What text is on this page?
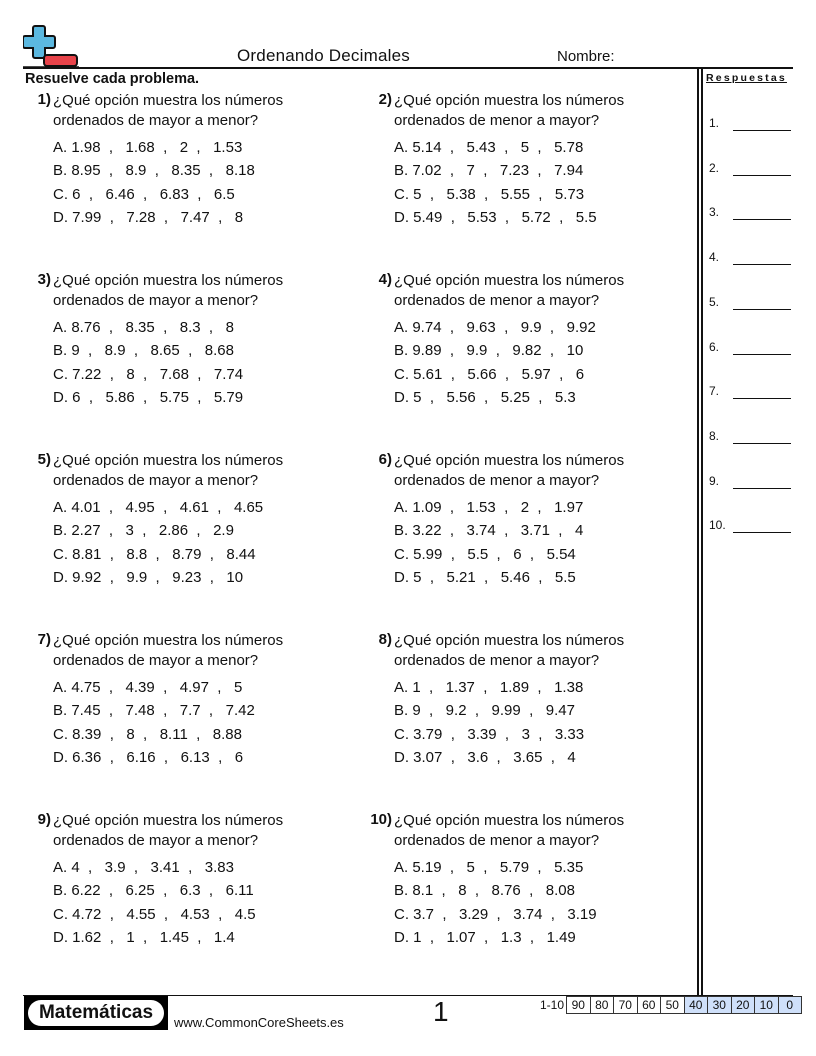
Ordenando Decimales	Nombre:
Resuelve cada problema.	Respuestas
1.
2.
3.
4.
5.
6.
7.
8.
9.
10.
1) ¿Qué opción muestra los números ordenados de mayor a menor?
A. 1.98  ,   1.68  ,   2  ,   1.53
B. 8.95  ,   8.9  ,   8.35  ,   8.18
C. 6  ,   6.46  ,   6.83  ,   6.5
D. 7.99  ,   7.28  ,   7.47  ,   8
2) ¿Qué opción muestra los números ordenados de menor a mayor?
A. 5.14  ,   5.43  ,   5  ,   5.78
B. 7.02  ,   7  ,   7.23  ,   7.94
C. 5  ,   5.38  ,   5.55  ,   5.73
D. 5.49  ,   5.53  ,   5.72  ,   5.5
3) ¿Qué opción muestra los números ordenados de mayor a menor?
A. 8.76  ,   8.35  ,   8.3  ,   8
B. 9  ,   8.9  ,   8.65  ,   8.68
C. 7.22  ,   8  ,   7.68  ,   7.74
D. 6  ,   5.86  ,   5.75  ,   5.79
4) ¿Qué opción muestra los números ordenados de menor a mayor?
A. 9.74  ,   9.63  ,   9.9  ,   9.92
B. 9.89  ,   9.9  ,   9.82  ,   10
C. 5.61  ,   5.66  ,   5.97  ,   6
D. 5  ,   5.56  ,   5.25  ,   5.3
5) ¿Qué opción muestra los números ordenados de mayor a menor?
A. 4.01  ,   4.95  ,   4.61  ,   4.65
B. 2.27  ,   3  ,   2.86  ,   2.9
C. 8.81  ,   8.8  ,   8.79  ,   8.44
D. 9.92  ,   9.9  ,   9.23  ,   10
6) ¿Qué opción muestra los números ordenados de menor a mayor?
A. 1.09  ,   1.53  ,   2  ,   1.97
B. 3.22  ,   3.74  ,   3.71  ,   4
C. 5.99  ,   5.5  ,   6  ,   5.54
D. 5  ,   5.21  ,   5.46  ,   5.5
7) ¿Qué opción muestra los números ordenados de mayor a menor?
A. 4.75  ,   4.39  ,   4.97  ,   5
B. 7.45  ,   7.48  ,   7.7  ,   7.42
C. 8.39  ,   8  ,   8.11  ,   8.88
D. 6.36  ,   6.16  ,   6.13  ,   6
8) ¿Qué opción muestra los números ordenados de menor a mayor?
A. 1  ,   1.37  ,   1.89  ,   1.38
B. 9  ,   9.2  ,   9.99  ,   9.47
C. 3.79  ,   3.39  ,   3  ,   3.33
D. 3.07  ,   3.6  ,   3.65  ,   4
9) ¿Qué opción muestra los números ordenados de mayor a menor?
A. 4  ,   3.9  ,   3.41  ,   3.83
B. 6.22  ,   6.25  ,   6.3  ,   6.11
C. 4.72  ,   4.55  ,   4.53  ,   4.5
D. 1.62  ,   1  ,   1.45  ,   1.4
10) ¿Qué opción muestra los números ordenados de menor a mayor?
A. 5.19  ,   5  ,   5.79  ,   5.35
B. 8.1  ,   8  ,   8.76  ,   8.08
C. 3.7  ,   3.29  ,   3.74  ,   3.19
D. 1  ,   1.07  ,   1.3  ,   1.49
Matemáticas	www.CommonCoreSheets.es	1	1-10 90 80 70 60 50 40 30 20 10	0
